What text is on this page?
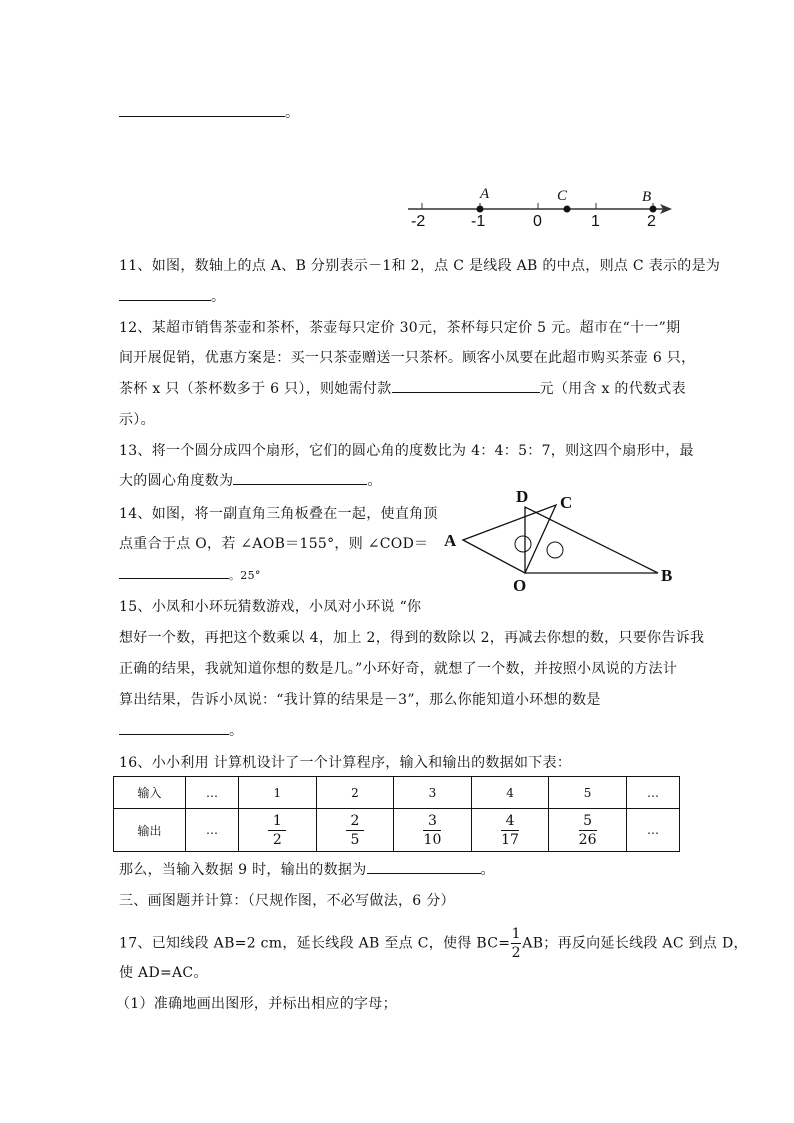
。
-2	-1	0	1	2
A	C	B
11、如图，数轴上的点 A、B 分别表示－1和 2，点 C 是线段 AB 的中点，则点 C 表示的是为
。
12、某超市销售茶壶和茶杯，茶壶每只定价 30元，茶杯每只定价 5 元。超市在“十一”期
间开展促销，优惠方案是：买一只茶壶赠送一只茶杯。顾客小凤要在此超市购买茶壶 6 只，
茶杯 x 只（茶杯数多于 6 只），则她需付款	元（用含 x 的代数式表
示）。
13、将一个圆分成四个扇形，它们的圆心角的度数比为 4：4：5：7，则这四个扇形中，最
大的圆心角度数为	。
14、如图，将一副直角三角板叠在一起，使直角顶
点重合于点 O，若 ∠AOB＝155°，则 ∠COD＝
。25°
A
D C
O
B
15、小凤和小环玩猜数游戏，小凤对小环说 “你
想好一个数，再把这个数乘以 4，加上 2，得到的数除以 2，再减去你想的数，只要你告诉我
正确的结果，我就知道你想的数是几。”小环好奇，就想了一个数，并按照小凤说的方法计
算出结果，告诉小凤说：“我计算的结果是－3”，那么你能知道小环想的数是
。
16、小小利用 计算机设计了一个计算程序，输入和输出的数据如下表：
输入	…	1	2	3	4	5	…
输出	…	$\frac{1}{2}$	$\frac{2}{5}$	$\frac{3}{10}$	$\frac{4}{17}$	$\frac{5}{26}$	…
那么，当输入数据 9 时，输出的数据为	。
三、画图题并计算：（尺规作图，不必写做法，6 分）
17、已知线段 AB=2 cm，延长线段 AB 至点 C，使得 $BC= \frac{1}{2}$ AB；再反向延长线段 AC 到点 D，
使 AD=AC。
（1）准确地画出图形，并标出相应的字母；
